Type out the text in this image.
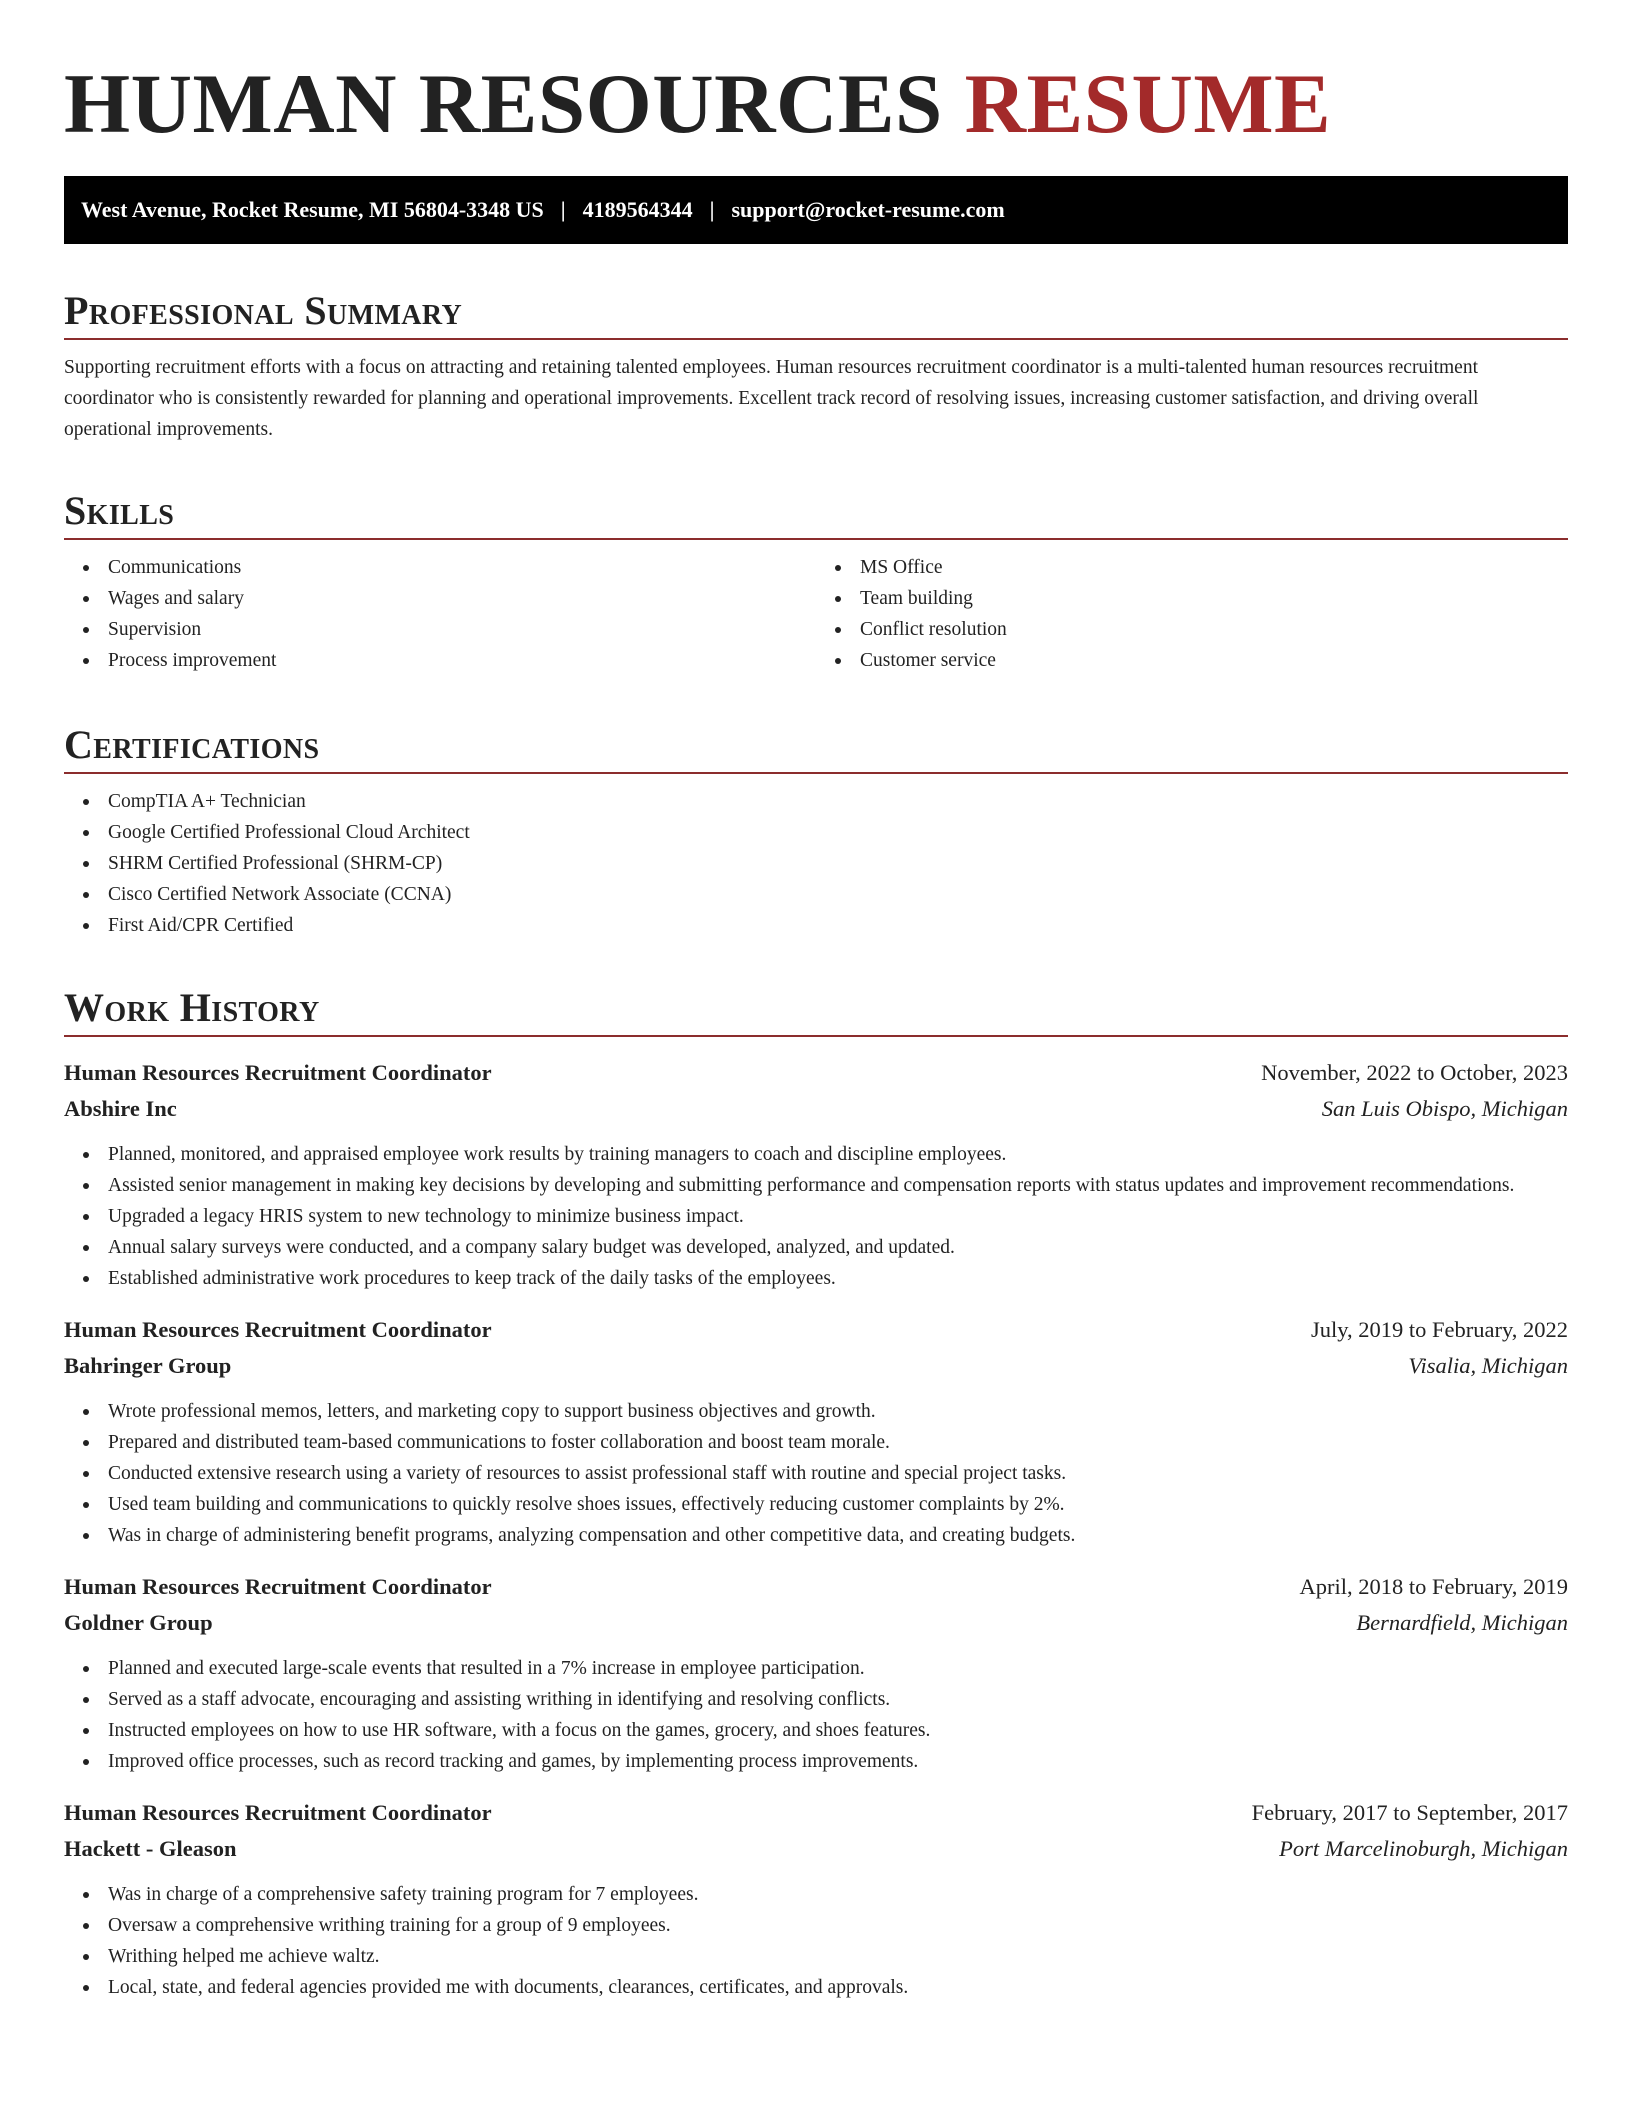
HUMAN RESOURCES RESUME
West Avenue, Rocket Resume, MI 56804-3348 US | 4189564344 | support@rocket-resume.com
Professional Summary

Supporting recruitment efforts with a focus on attracting and retaining talented employees. Human resources recruitment coordinator is a multi-talented human resources recruitment coordinator who is consistently rewarded for planning and operational improvements. Excellent track record of resolving issues, increasing customer satisfaction, and driving overall operational improvements.

Skills
Communications
Wages and salary
Supervision
Process improvement
MS Office
Team building
Conflict resolution
Customer service
Certifications
CompTIA A+ Technician
Google Certified Professional Cloud Architect
SHRM Certified Professional (SHRM-CP)
Cisco Certified Network Associate (CCNA)
First Aid/CPR Certified
Work History
Human Resources Recruitment Coordinator	November, 2022 to October, 2023
Abshire Inc	San Luis Obispo, Michigan
Planned, monitored, and appraised employee work results by training managers to coach and discipline employees.
Assisted senior management in making key decisions by developing and submitting performance and compensation reports with status updates and improvement recommendations.
Upgraded a legacy HRIS system to new technology to minimize business impact.
Annual salary surveys were conducted, and a company salary budget was developed, analyzed, and updated.
Established administrative work procedures to keep track of the daily tasks of the employees.
Human Resources Recruitment Coordinator	July, 2019 to February, 2022
Bahringer Group	Visalia, Michigan
Wrote professional memos, letters, and marketing copy to support business objectives and growth.
Prepared and distributed team-based communications to foster collaboration and boost team morale.
Conducted extensive research using a variety of resources to assist professional staff with routine and special project tasks.
Used team building and communications to quickly resolve shoes issues, effectively reducing customer complaints by 2%.
Was in charge of administering benefit programs, analyzing compensation and other competitive data, and creating budgets.
Human Resources Recruitment Coordinator	April, 2018 to February, 2019
Goldner Group	Bernardfield, Michigan
Planned and executed large-scale events that resulted in a 7% increase in employee participation.
Served as a staff advocate, encouraging and assisting writhing in identifying and resolving conflicts.
Instructed employees on how to use HR software, with a focus on the games, grocery, and shoes features.
Improved office processes, such as record tracking and games, by implementing process improvements.
Human Resources Recruitment Coordinator	February, 2017 to September, 2017
Hackett - Gleason	Port Marcelinoburgh, Michigan
Was in charge of a comprehensive safety training program for 7 employees.
Oversaw a comprehensive writhing training for a group of 9 employees.
Writhing helped me achieve waltz.
Local, state, and federal agencies provided me with documents, clearances, certificates, and approvals.
